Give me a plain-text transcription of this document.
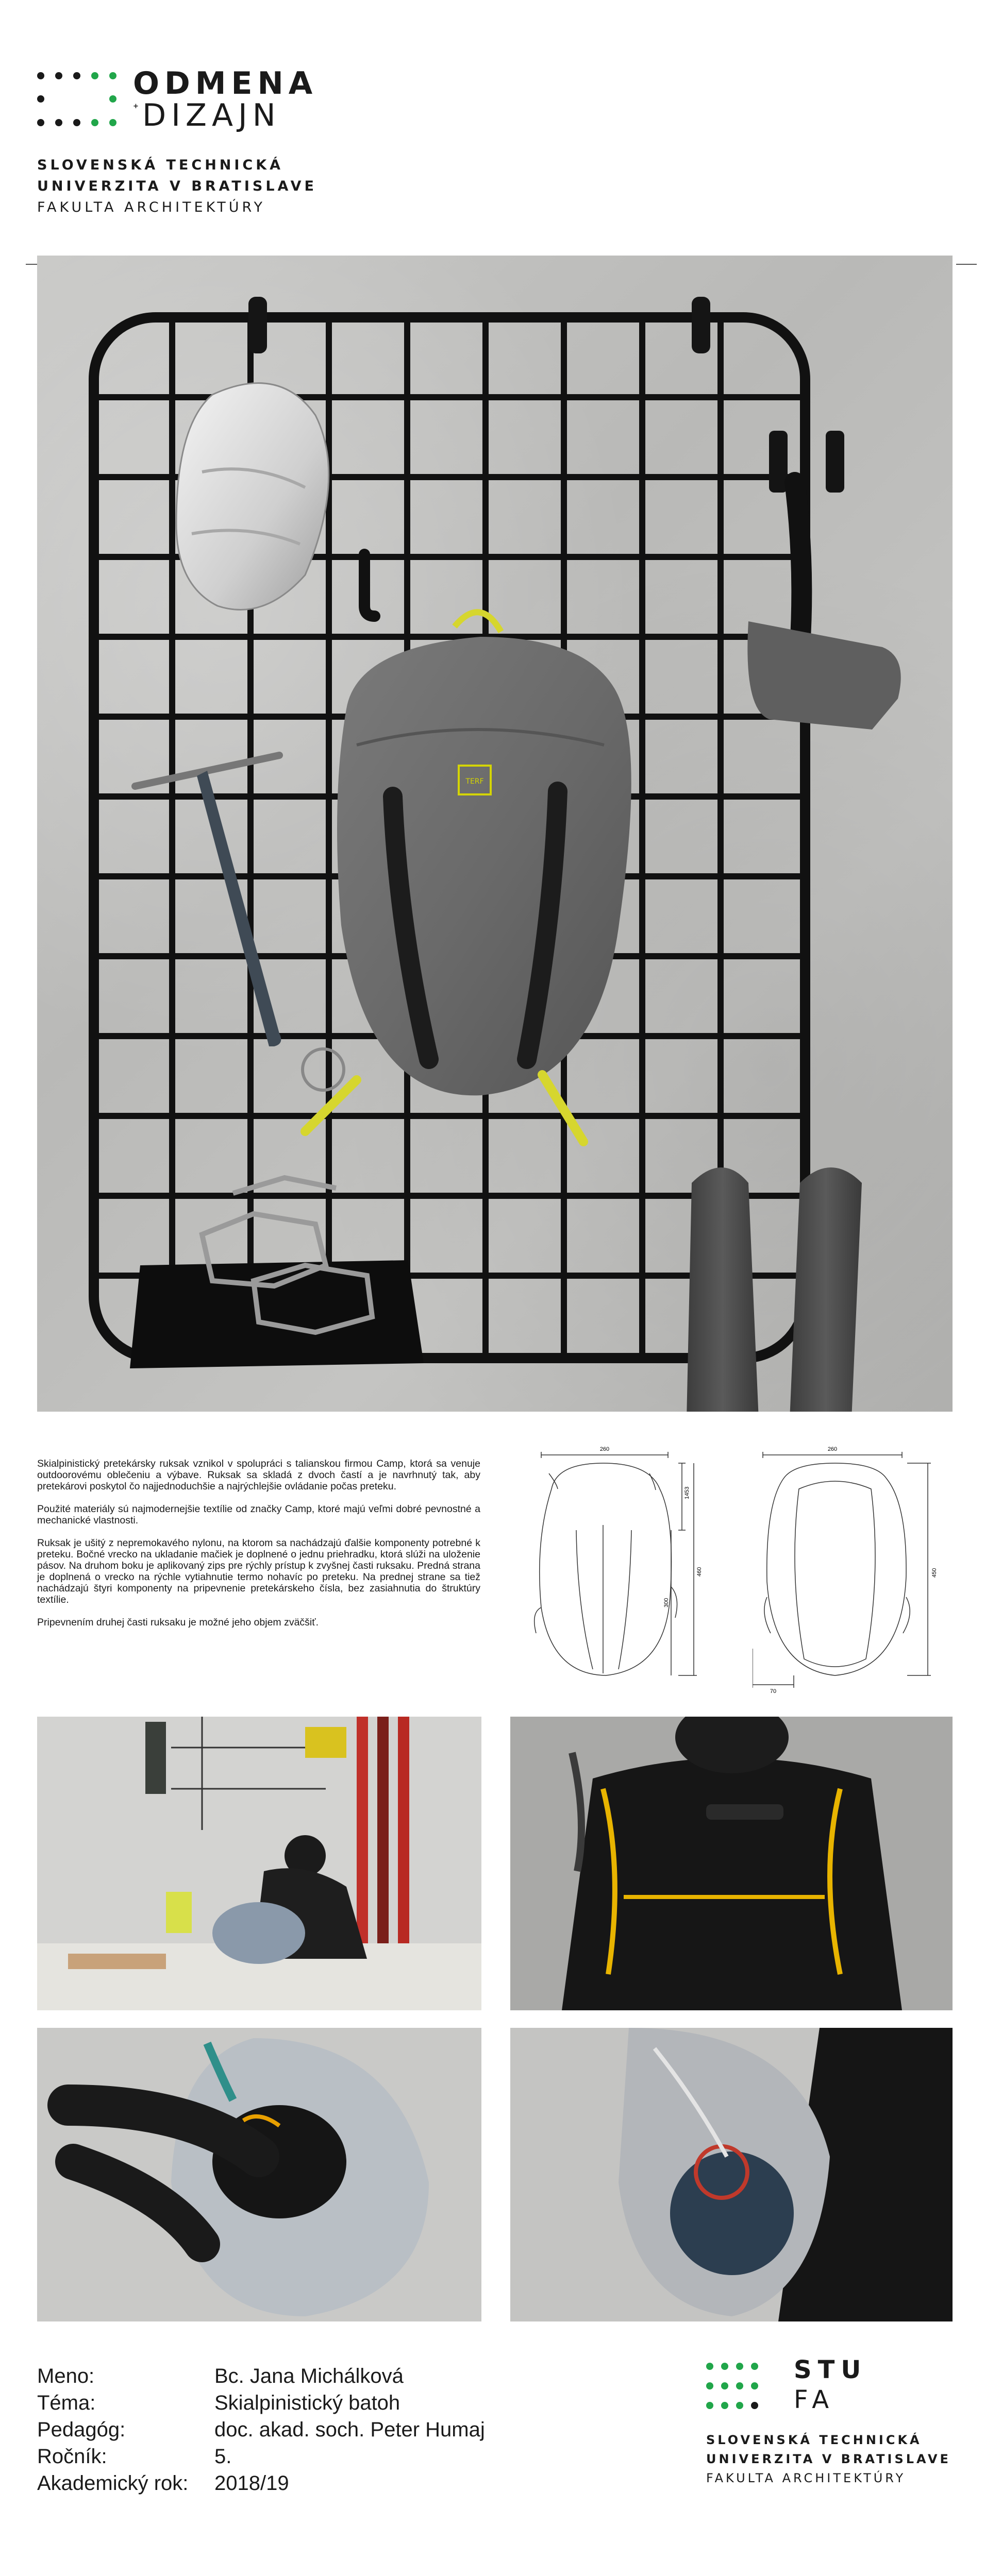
ODMENA
+ DIZAJN
SLOVENSKÁ TECHNICKÁ
UNIVERZITA V BRATISLAVE
FAKULTA ARCHITEKTÚRY
TERF

Skialpinistický pretekársky ruksak vznikol v spolupráci s talianskou firmou Camp, ktorá sa venuje outdoorovému oblečeniu a výbave. Ruksak sa skladá z dvoch častí a je navrhnutý tak, aby pretekárovi poskytol čo najjednoduchšie a najrýchlejšie ovládanie počas preteku.

Použité materiály sú najmodernejšie textílie od značky Camp, ktoré majú veľmi dobré pevnostné a mechanické vlastnosti.

Ruksak je ušitý z nepremokavého nylonu, na ktorom sa nachádzajú ďalšie komponenty potrebné k preteku. Bočné vrecko na ukladanie mačiek je doplnené o jednu priehradku, ktorá slúži na uloženie pásov. Na druhom boku je aplikovaný zips pre rýchly prístup k zvyšnej časti ruksaku. Predná strana je doplnená o vrecko na rýchle vytiahnutie termo nohavíc po preteku. Na prednej strane sa tiež nachádzajú štyri komponenty na pripevnenie pretekárskeho čísla, bez zasiahnutia do štruktúry textílie.

Pripevnením druhej časti ruksaku je možné jeho objem zväčšiť.

260
1453
300
460
260
450
70
Meno:	Bc. Jana Michálková
Téma:	Skialpinistický batoh
Pedagóg:	doc. akad. soch. Peter Humaj
Ročník:	5.
Akademický rok: 2018/19
STU
FA
SLOVENSKÁ TECHNICKÁ
UNIVERZITA V BRATISLAVE
FAKULTA ARCHITEKTÚRY
